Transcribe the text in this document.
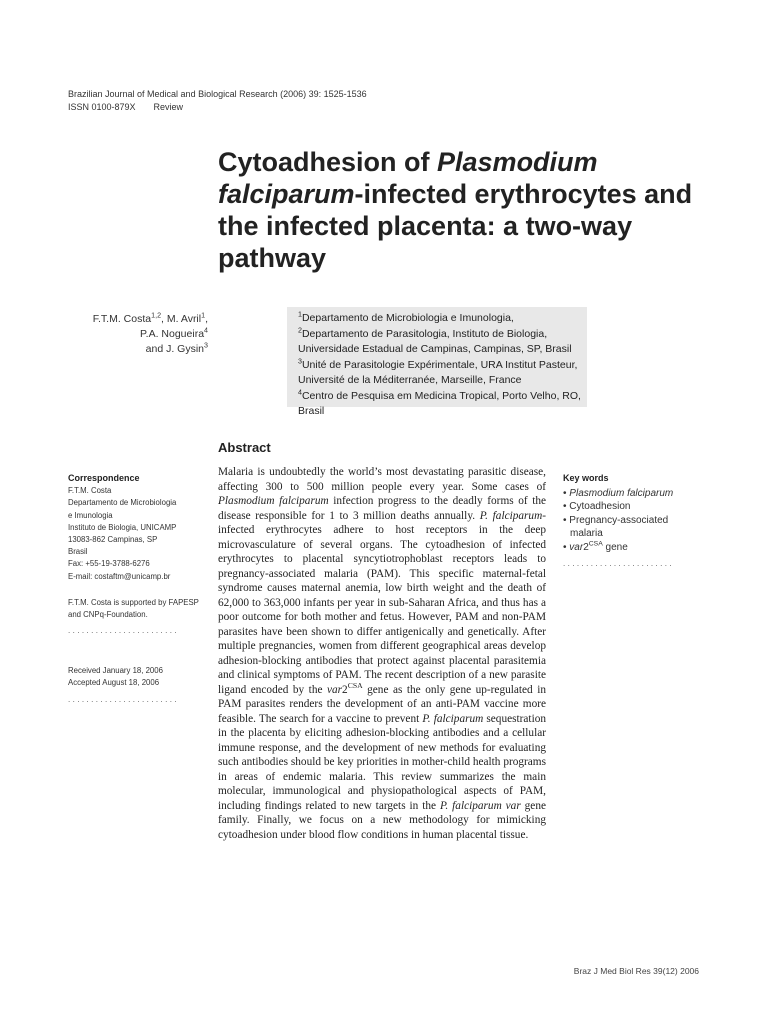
Brazilian Journal of Medical and Biological Research (2006) 39: 1525-1536
ISSN 0100-879X Review
Cytoadhesion of Plasmodium falciparum-infected erythrocytes and the infected placenta: a two-way pathway
F.T.M. Costa$^{1,2}$, M. Avril$^1$,
P.A. Nogueira$^4$
and J. Gysin$^3$
$^1$Departamento de Microbiologia e Imunologia,
$^2$Departamento de Parasitologia, Instituto de Biologia,
Universidade Estadual de Campinas, Campinas, SP, Brasil
$^3$Unité de Parasitologie Expérimentale, URA Institut Pasteur,
Université de la Méditerranée, Marseille, France
$^4$Centro de Pesquisa em Medicina Tropical, Porto Velho, RO, Brasil
Abstract

Malaria is undoubtedly the world’s most devastating parasitic disease, affecting 300 to 500 million people every year. Some cases of Plasmodium falciparum infection progress to the deadly forms of the disease responsible for 1 to 3 million deaths annually. P. falciparum-infected erythrocytes adhere to host receptors in the deep microvasculature of several organs. The cytoadhesion of infected erythrocytes to placental syncytiotrophoblast receptors leads to pregnancy-associated malaria (PAM). This specific maternal-fetal syndrome causes maternal anemia, low birth weight and the death of 62,000 to 363,000 infants per year in sub-Saharan Africa, and thus has a poor outcome for both mother and fetus. However, PAM and non-PAM parasites have been shown to differ antigenically and genetically. After multiple pregnancies, women from different geographical areas develop adhesion-blocking antibodies that protect against placental parasitemia and clinical symptoms of PAM. The recent description of a new parasite ligand encoded by the $var2^{CSA}$ gene as the only gene up-regulated in PAM parasites renders the development of an anti-PAM vaccine more feasible. The search for a vaccine to prevent P. falciparum sequestration in the placenta by eliciting adhesion-blocking antibodies and a cellular immune response, and the development of new methods for evaluating such antibodies should be key priorities in mother-child health programs in areas of endemic malaria. This review summarizes the main molecular, immunological and physiopathological aspects of PAM, including findings related to new targets in the P. falciparum var gene family. Finally, we focus on a new methodology for mimicking cytoadhesion under blood flow conditions in human placental tissue.

Correspondence
F.T.M. Costa
Departamento de Microbiologia
e Imunologia
Instituto de Biologia, UNICAMP
13083-862 Campinas, SP
Brasil
Fax: +55-19-3788-6276
E-mail: costaftm@unicamp.br
F.T.M. Costa is supported by FAPESP
and CNPq-Foundation.
........................
Received January 18, 2006
Accepted August 18, 2006
........................
Key words
• Plasmodium falciparum
• Cytoadhesion
• Pregnancy-associated malaria
• $var2^{CSA}$ gene
........................
Braz J Med Biol Res 39(12) 2006
